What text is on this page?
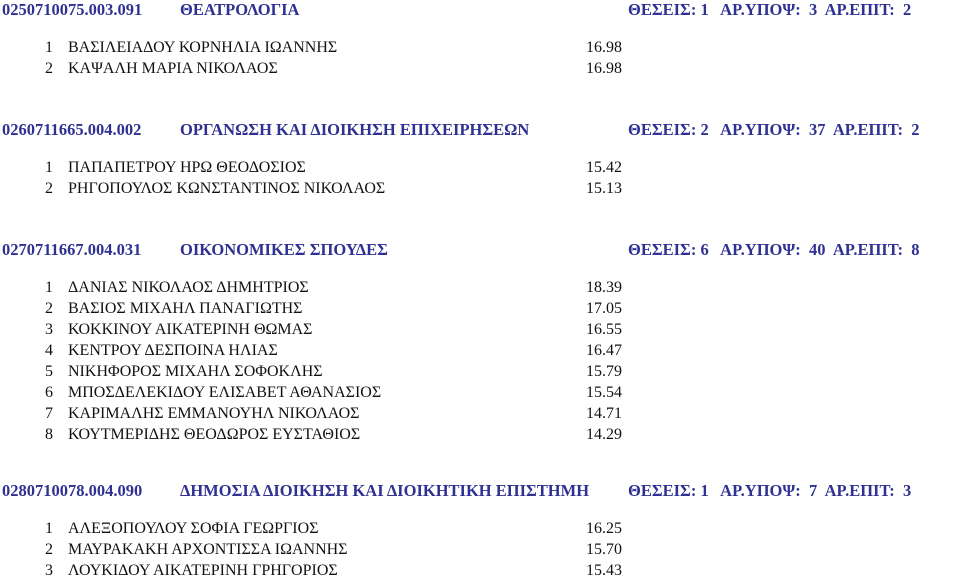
0250710075.003.091 ΘΕΑΤΡΟΛΟΓΙΑ	ΘΕΣΕΙΣ: 1   ΑΡ.ΥΠΟΨ:  3  ΑΡ.ΕΠΙΤ:  2
1 ΒΑΣΙΛΕΙΑΔΟΥ ΚΟΡΝΗΛΙΑ ΙΩΑΝΝΗΣ	16.98
2 ΚΑΨΑΛΗ ΜΑΡΙΑ ΝΙΚΟΛΑΟΣ	16.98
0260711665.004.002 ΟΡΓΑΝΩΣΗ ΚΑΙ ΔΙΟΙΚΗΣΗ ΕΠΙΧΕΙΡΗΣΕΩΝ	ΘΕΣΕΙΣ: 2   ΑΡ.ΥΠΟΨ:  37  ΑΡ.ΕΠΙΤ:  2
1 ΠΑΠΑΠΕΤΡΟΥ ΗΡΩ ΘΕΟΔΟΣΙΟΣ	15.42
2 ΡΗΓΟΠΟΥΛΟΣ ΚΩΝΣΤΑΝΤΙΝΟΣ ΝΙΚΟΛΑΟΣ	15.13
0270711667.004.031 ΟΙΚΟΝΟΜΙΚΕΣ ΣΠΟΥΔΕΣ	ΘΕΣΕΙΣ: 6   ΑΡ.ΥΠΟΨ:  40  ΑΡ.ΕΠΙΤ:  8
1 ΔΑΝΙΑΣ ΝΙΚΟΛΑΟΣ ΔΗΜΗΤΡΙΟΣ	18.39
2 ΒΑΣΙΟΣ ΜΙΧΑΗΛ ΠΑΝΑΓΙΩΤΗΣ	17.05
3 ΚΟΚΚΙΝΟΥ ΑΙΚΑΤΕΡΙΝΗ ΘΩΜΑΣ	16.55
4 ΚΕΝΤΡΟΥ ΔΕΣΠΟΙΝΑ ΗΛΙΑΣ	16.47
5 ΝΙΚΗΦΟΡΟΣ ΜΙΧΑΗΛ ΣΟΦΟΚΛΗΣ	15.79
6 ΜΠΟΣΔΕΛΕΚΙΔΟΥ ΕΛΙΣΑΒΕΤ ΑΘΑΝΑΣΙΟΣ	15.54
7 ΚΑΡΙΜΑΛΗΣ ΕΜΜΑΝΟΥΗΛ ΝΙΚΟΛΑΟΣ	14.71
8 ΚΟΥΤΜΕΡΙΔΗΣ ΘΕΟΔΩΡΟΣ ΕΥΣΤΑΘΙΟΣ	14.29
0280710078.004.090 ΔΗΜΟΣΙΑ ΔΙΟΙΚΗΣΗ ΚΑΙ ΔΙΟΙΚΗΤΙΚΗ ΕΠΙΣΤΗΜΗ ΘΕΣΕΙΣ: 1   ΑΡ.ΥΠΟΨ:  7  ΑΡ.ΕΠΙΤ:  3
1 ΑΛΕΞΟΠΟΥΛΟΥ ΣΟΦΙΑ ΓΕΩΡΓΙΟΣ	16.25
2 ΜΑΥΡΑΚΑΚΗ ΑΡΧΟΝΤΙΣΣΑ ΙΩΑΝΝΗΣ	15.70
3 ΛΟΥΚΙΔΟΥ ΑΙΚΑΤΕΡΙΝΗ ΓΡΗΓΟΡΙΟΣ	15.43
